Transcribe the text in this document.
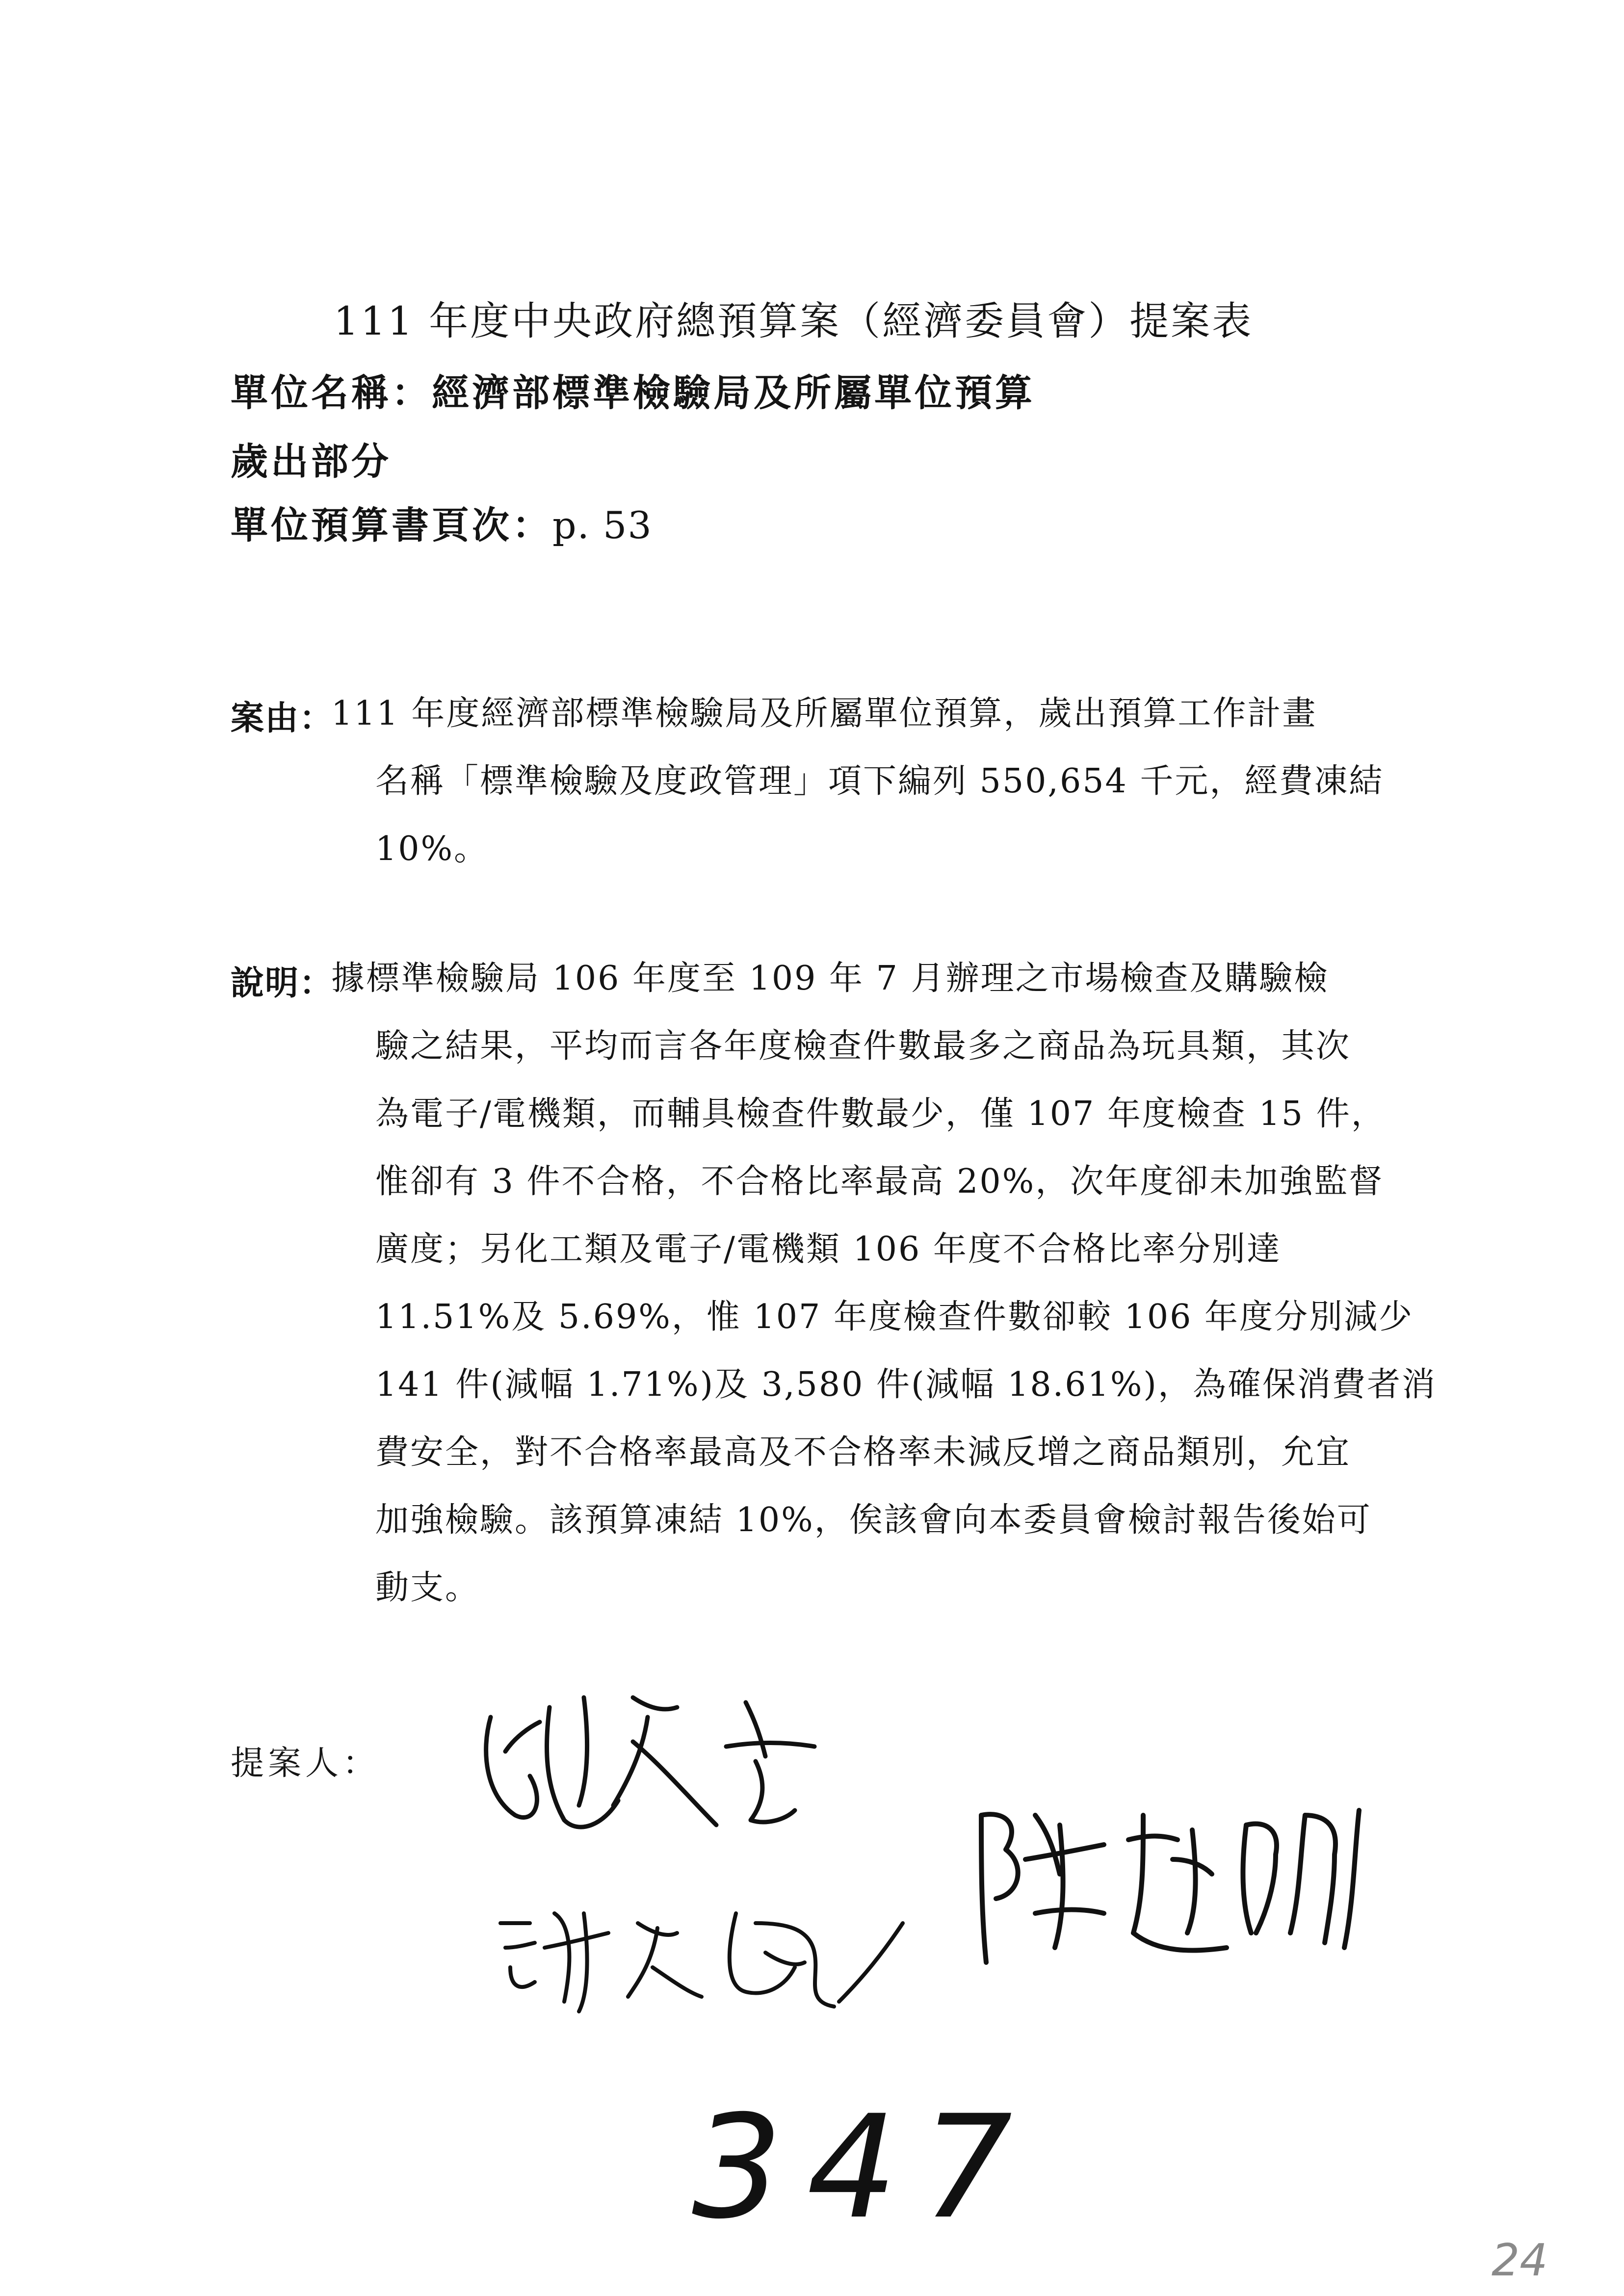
111 年度中央政府總預算案（經濟委員會）提案表
單位名稱：經濟部標準檢驗局及所屬單位預算
歲出部分
單位預算書頁次：p. 53
案由：
111 年度經濟部標準檢驗局及所屬單位預算，歲出預算工作計畫
名稱「標準檢驗及度政管理」項下編列 550,654 千元，經費凍結
10%。
說明：
據標準檢驗局 106 年度至 109 年 7 月辦理之市場檢查及購驗檢
驗之結果，平均而言各年度檢查件數最多之商品為玩具類，其次
為電子/電機類，而輔具檢查件數最少，僅 107 年度檢查 15 件，
惟卻有 3 件不合格，不合格比率最高 20%，次年度卻未加強監督
廣度；另化工類及電子/電機類 106 年度不合格比率分別達
11.51%及 5.69%，惟 107 年度檢查件數卻較 106 年度分別減少
141 件(減幅 1.71%)及 3,580 件(減幅 18.61%)，為確保消費者消
費安全，對不合格率最高及不合格率未減反增之商品類別，允宜
加強檢驗。該預算凍結 10%，俟該會向本委員會檢討報告後始可
動支。
提案人：
347
24
